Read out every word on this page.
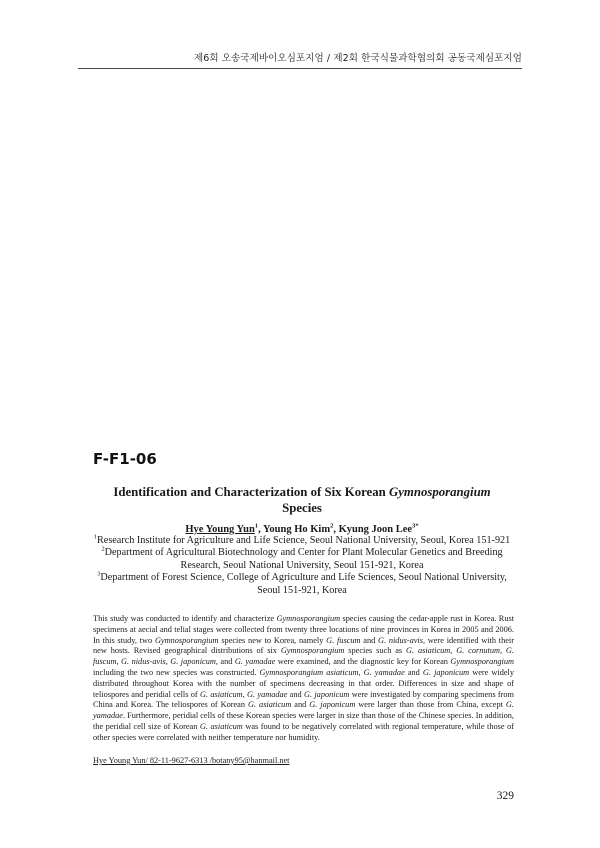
제6회 오송국제바이오심포지엄 / 제2회 한국식물과학협의회 공동국제심포지엄
F-F1-06
Identification and Characterization of Six Korean Gymnosporangium
Species
Hye Young Yun$^1$, Young Ho Kim$^2$, Kyung Joon Lee$^{3*}$

$^1$Research Institute for Agriculture and Life Science, Seoul National University, Seoul, Korea 151-921

$^2$Department of Agricultural Biotechnology and Center for Plant Molecular Genetics and Breeding Research, Seoul National University, Seoul 151-921, Korea

$^3$Department of Forest Science, College of Agriculture and Life Sciences, Seoul National University, Seoul 151-921, Korea

This study was conducted to identify and characterize Gymnosporangium species causing the cedar-apple rust in Korea. Rust specimens at aecial and telial stages were collected from twenty three locations of nine provinces in Korea in 2005 and 2006. In this study, two Gymnosporangium species new to Korea, namely G. fuscum and G. nidus-avis, were identified with their new hosts. Revised geographical distributions of six Gymnosporangium species such as G. asiaticum, G. cornutum, G. fuscum, G. nidus-avis, G. japonicum, and G. yamadae were examined, and the diagnostic key for Korean Gymnosporangium including the two new species was constructed. Gymnosporangium asiaticum, G. yamadae and G. japonicum were widely distributed throughout Korea with the number of specimens decreasing in that order. Differences in size and shape of teliospores and peridial cells of G. asiaticum, G. yamadae and G. japonicum were investigated by comparing specimens from China and Korea. The teliospores of Korean G. asiaticum and G. japonicum were larger than those from China, except G. yamadae. Furthermore, peridial cells of these Korean species were larger in size than those of the Chinese species. In addition, the peridial cell size of Korean G. asiaticum was found to be negatively correlated with regional temperature, while those of other species were correlated with neither temperature nor humidity.

Hye Young Yun/ 82-11-9627-6313 /botany95@hanmail.net
329
